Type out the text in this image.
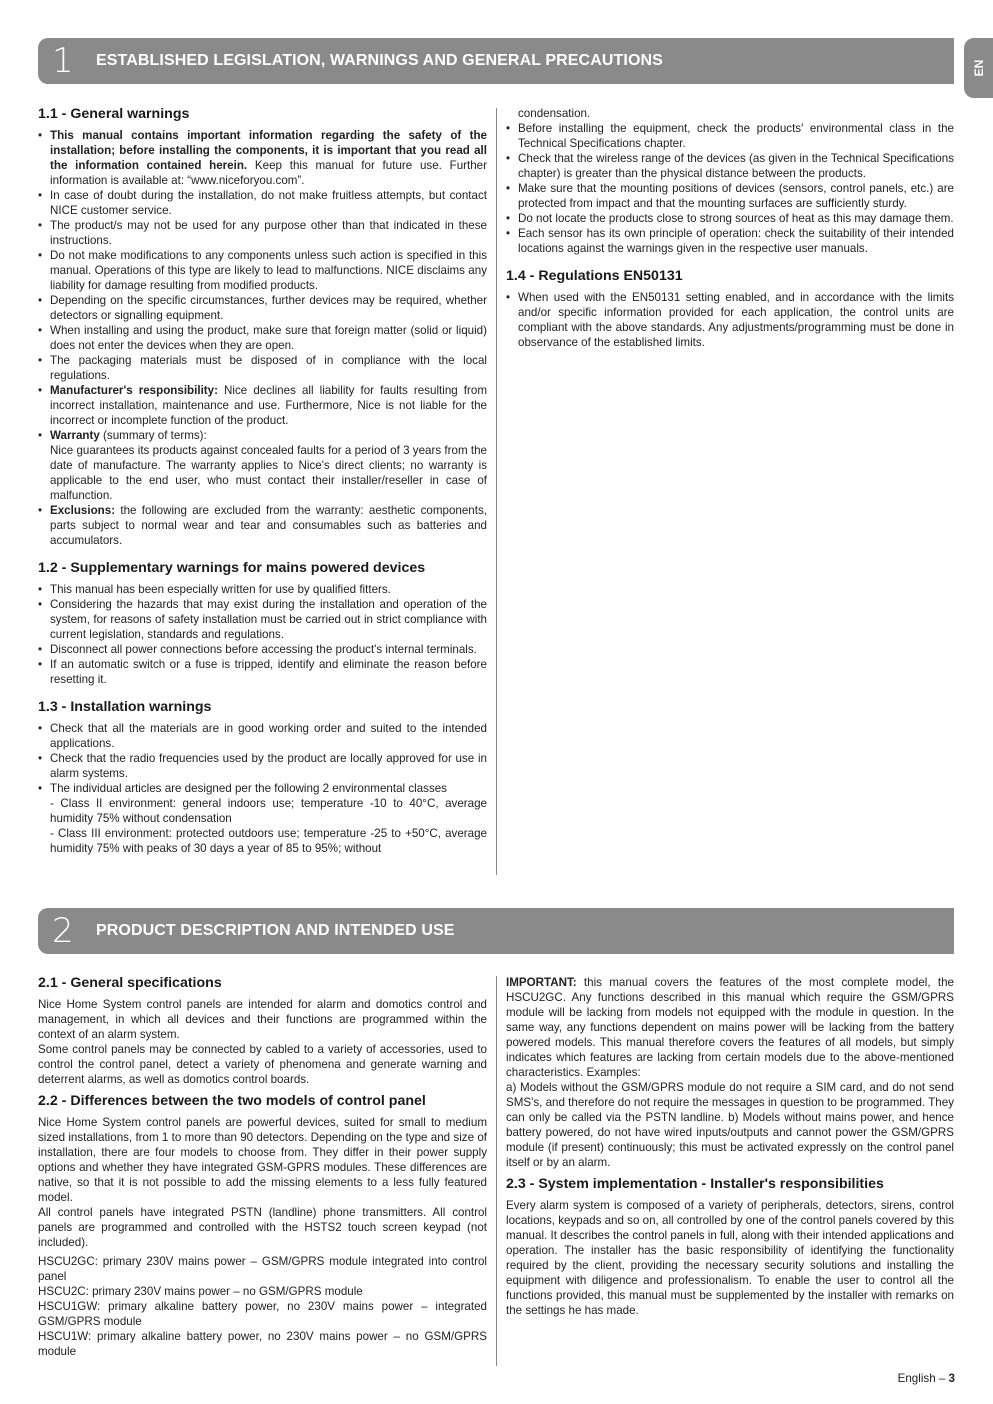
EN
1 ESTABLISHED LEGISLATION, WARNINGS AND GENERAL PRECAUTIONS
1.1 - General warnings
• This manual contains important information regarding the safety of the installation; before installing the components, it is important that you read all the information contained herein. Keep this manual for future use. Further information is available at: “www.niceforyou.com”.
• In case of doubt during the installation, do not make fruitless attempts, but contact NICE customer service.
• The product/s may not be used for any purpose other than that indicated in these instructions.
• Do not make modifications to any components unless such action is specified in this manual. Operations of this type are likely to lead to malfunctions. NICE disclaims any liability for damage resulting from modified products.
• Depending on the specific circumstances, further devices may be required, whether detectors or signalling equipment.
• When installing and using the product, make sure that foreign matter (solid or liquid) does not enter the devices when they are open.
• The packaging materials must be disposed of in compliance with the local regulations.
• Manufacturer's responsibility: Nice declines all liability for faults resulting from incorrect installation, maintenance and use. Furthermore, Nice is not liable for the incorrect or incomplete function of the product.
• Warranty (summary of terms):
Nice guarantees its products against concealed faults for a period of 3 years from the date of manufacture. The warranty applies to Nice's direct clients; no warranty is applicable to the end user, who must contact their installer/reseller in case of malfunction.
• Exclusions: the following are excluded from the warranty: aesthetic components, parts subject to normal wear and tear and consumables such as batteries and accumulators.
1.2 - Supplementary warnings for mains powered devices
• This manual has been especially written for use by qualified fitters.
• Considering the hazards that may exist during the installation and operation of the system, for reasons of safety installation must be carried out in strict compliance with current legislation, standards and regulations.
• Disconnect all power connections before accessing the product's internal terminals.
• If an automatic switch or a fuse is tripped, identify and eliminate the reason before resetting it.
1.3 - Installation warnings
• Check that all the materials are in good working order and suited to the intended applications.
• Check that the radio frequencies used by the product are locally approved for use in alarm systems.
• The individual articles are designed per the following 2 environmental classes
- Class II environment: general indoors use; temperature -10 to 40°C, average humidity 75% without condensation
- Class III environment: protected outdoors use; temperature -25 to +50°C, average humidity 75% with peaks of 30 days a year of 85 to 95%; without
condensation.
• Before installing the equipment, check the products' environmental class in the Technical Specifications chapter.
• Check that the wireless range of the devices (as given in the Technical Specifications chapter) is greater than the physical distance between the products.
• Make sure that the mounting positions of devices (sensors, control panels, etc.) are protected from impact and that the mounting surfaces are sufficiently sturdy.
• Do not locate the products close to strong sources of heat as this may damage them.
• Each sensor has its own principle of operation: check the suitability of their intended locations against the warnings given in the respective user manuals.
1.4 - Regulations EN50131
• When used with the EN50131 setting enabled, and in accordance with the limits and/or specific information provided for each application, the control units are compliant with the above standards. Any adjustments/programming must be done in observance of the established limits.
2 PRODUCT DESCRIPTION AND INTENDED USE
2.1 - General specifications

Nice Home System control panels are intended for alarm and domotics control and management, in which all devices and their functions are programmed within the context of an alarm system.

Some control panels may be connected by cabled to a variety of accessories, used to control the control panel, detect a variety of phenomena and generate warning and deterrent alarms, as well as domotics control boards.

2.2 - Differences between the two models of control panel

Nice Home System control panels are powerful devices, suited for small to medium sized installations, from 1 to more than 90 detectors. Depending on the type and size of installation, there are four models to choose from. They differ in their power supply options and whether they have integrated GSM-GPRS modules. These differences are native, so that it is not possible to add the missing elements to a less fully featured model.

All control panels have integrated PSTN (landline) phone transmitters. All control panels are programmed and controlled with the HSTS2 touch screen keypad (not included).

HSCU2GC: primary 230V mains power – GSM/GPRS module integrated into control panel

HSCU2C: primary 230V mains power – no GSM/GPRS module

HSCU1GW: primary alkaline battery power, no 230V mains power – integrated GSM/GPRS module

HSCU1W: primary alkaline battery power, no 230V mains power – no GSM/GPRS module

IMPORTANT: this manual covers the features of the most complete model, the HSCU2GC. Any functions described in this manual which require the GSM/GPRS module will be lacking from models not equipped with the module in question. In the same way, any functions dependent on mains power will be lacking from the battery powered models. This manual therefore covers the features of all models, but simply indicates which features are lacking from certain models due to the above-mentioned characteristics. Examples:

a) Models without the GSM/GPRS module do not require a SIM card, and do not send SMS's, and therefore do not require the messages in question to be programmed. They can only be called via the PSTN landline. b) Models without mains power, and hence battery powered, do not have wired inputs/outputs and cannot power the GSM/GPRS module (if present) continuously; this must be activated expressly on the control panel itself or by an alarm.

2.3 - System implementation - Installer's responsibilities

Every alarm system is composed of a variety of peripherals, detectors, sirens, control locations, keypads and so on, all controlled by one of the control panels covered by this manual. It describes the control panels in full, along with their intended applications and operation. The installer has the basic responsibility of identifying the functionality required by the client, providing the necessary security solutions and installing the equipment with diligence and professionalism. To enable the user to control all the functions provided, this manual must be supplemented by the installer with remarks on the settings he has made.

English – 3
